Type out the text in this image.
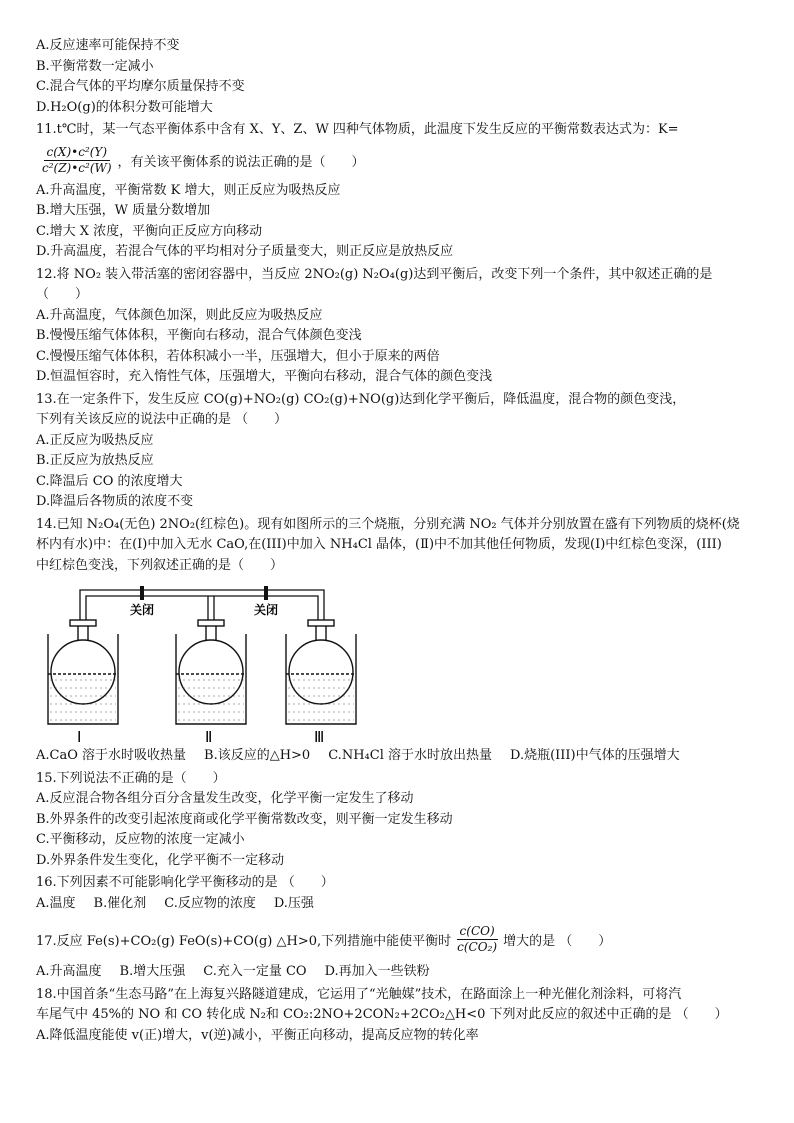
A.反应速率可能保持不变
B.平衡常数一定减小
C.混合气体的平均摩尔质量保持不变
D.H₂O(g)的体积分数可能增大
11.t℃时，某一气态平衡体系中含有 X、Y、Z、W 四种气体物质，此温度下发生反应的平衡常数表达式为：K=
$\frac{\text{c(X)•c²(Y)}}{\text{c²(Z)•c²(W)}}$ ，有关该平衡体系的说法正确的是（　　）
A.升高温度，平衡常数 K 增大，则正反应为吸热反应
B.增大压强，W 质量分数增加
C.增大 X 浓度，平衡向正反应方向移动
D.升高温度，若混合气体的平均相对分子质量变大，则正反应是放热反应
12.将 NO₂ 装入带活塞的密闭容器中，当反应 2NO₂(g) N₂O₄(g)达到平衡后，改变下列一个条件，其中叙述正确的是
（　　）
A.升高温度，气体颜色加深，则此反应为吸热反应
B.慢慢压缩气体体积，平衡向右移动，混合气体颜色变浅
C.慢慢压缩气体体积，若体积减小一半，压强增大，但小于原来的两倍
D.恒温恒容时，充入惰性气体，压强增大，平衡向右移动，混合气体的颜色变浅
13.在一定条件下，发生反应 CO(g)+NO₂(g) CO₂(g)+NO(g)达到化学平衡后，降低温度，混合物的颜色变浅，
下列有关该反应的说法中正确的是 （　　）
A.正反应为吸热反应
B.正反应为放热反应
C.降温后 CO 的浓度增大
D.降温后各物质的浓度不变
14.已知 N₂O₄(无色) 2NO₂(红棕色)。现有如图所示的三个烧瓶，分别充满 NO₂ 气体并分别放置在盛有下列物质的烧杯(烧
杯内有水)中：在(I)中加入无水 CaO,在(III)中加入 NH₄Cl 晶体，(Ⅱ)中不加其他任何物质，发现(I)中红棕色变深，(III)
中红棕色变浅，下列叙述正确的是（　　）
关闭	关闭
Ⅰ	Ⅱ	Ⅲ
A.CaO 溶于水时吸收热量 B.该反应的△H>0 C.NH₄Cl 溶于水时放出热量 D.烧瓶(III)中气体的压强增大
15.下列说法不正确的是（　　）
A.反应混合物各组分百分含量发生改变，化学平衡一定发生了移动
B.外界条件的改变引起浓度商或化学平衡常数改变，则平衡一定发生移动
C.平衡移动，反应物的浓度一定减小
D.外界条件发生变化，化学平衡不一定移动
16.下列因素不可能影响化学平衡移动的是 （　　）
A.温度 B.催化剂 C.反应物的浓度 D.压强
17.反应 Fe(s)+CO₂(g) FeO(s)+CO(g) △H>0,下列措施中能使平衡时 $\frac{c(CO)}{\text{c(CO₂)}}$ 增大的是 （　　）
A.升高温度 B.增大压强 C.充入一定量 CO D.再加入一些铁粉
18.中国首条“生态马路”在上海复兴路隧道建成，它运用了“光触媒”技术，在路面涂上一种光催化剂涂料，可将汽
车尾气中 45%的 NO 和 CO 转化成 N₂和 CO₂:2NO+2CON₂+2CO₂△H<0 下列对此反应的叙述中正确的是 （　　）
A.降低温度能使 v(正)增大，v(逆)减小，平衡正向移动，提高反应物的转化率
